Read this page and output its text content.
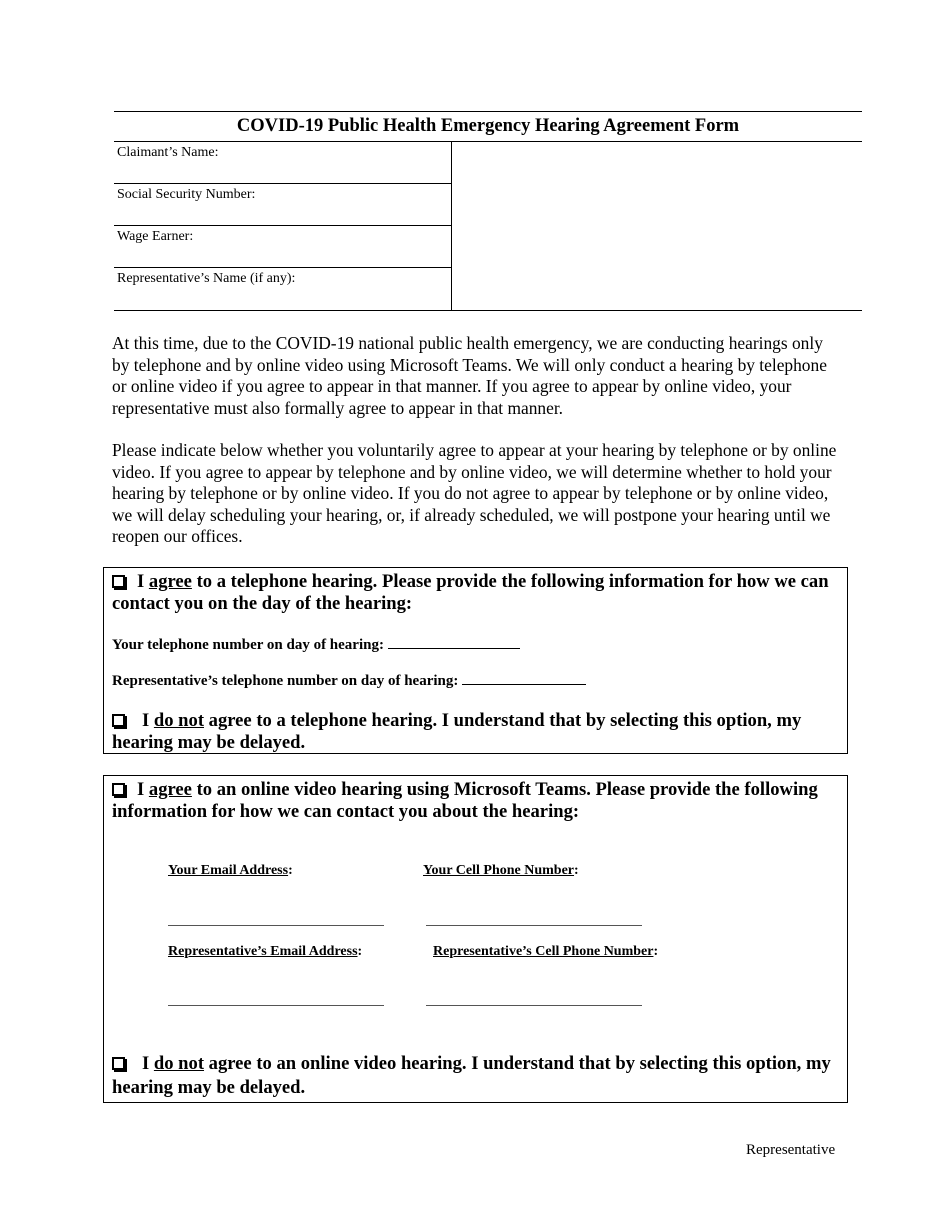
COVID-19 Public Health Emergency Hearing Agreement Form
Claimant’s Name:
Social Security Number:
Wage Earner:
Representative’s Name (if any):
At this time, due to the COVID-19 national public health emergency, we are conducting hearings only by telephone and by online video using Microsoft Teams. We will only conduct a hearing by telephone or online video if you agree to appear in that manner. If you agree to appear by online video, your representative must also formally agree to appear in that manner.
Please indicate below whether you voluntarily agree to appear at your hearing by telephone or by online video. If you agree to appear by telephone and by online video, we will determine whether to hold your hearing by telephone or by online video. If you do not agree to appear by telephone or by online video, we will delay scheduling your hearing, or, if already scheduled, we will postpone your hearing until we reopen our offices.
I agree to a telephone hearing. Please provide the following information for how we can contact you on the day of the hearing:
Your telephone number on day of hearing:
Representative’s telephone number on day of hearing:
I do not agree to a telephone hearing. I understand that by selecting this option, my hearing may be delayed.
I agree to an online video hearing using Microsoft Teams. Please provide the following information for how we can contact you about the hearing:
Your Email Address:	Your Cell Phone Number:
Representative’s Email Address:	Representative’s Cell Phone Number:
I do not agree to an online video hearing. I understand that by selecting this option, my hearing may be delayed.
Representative
